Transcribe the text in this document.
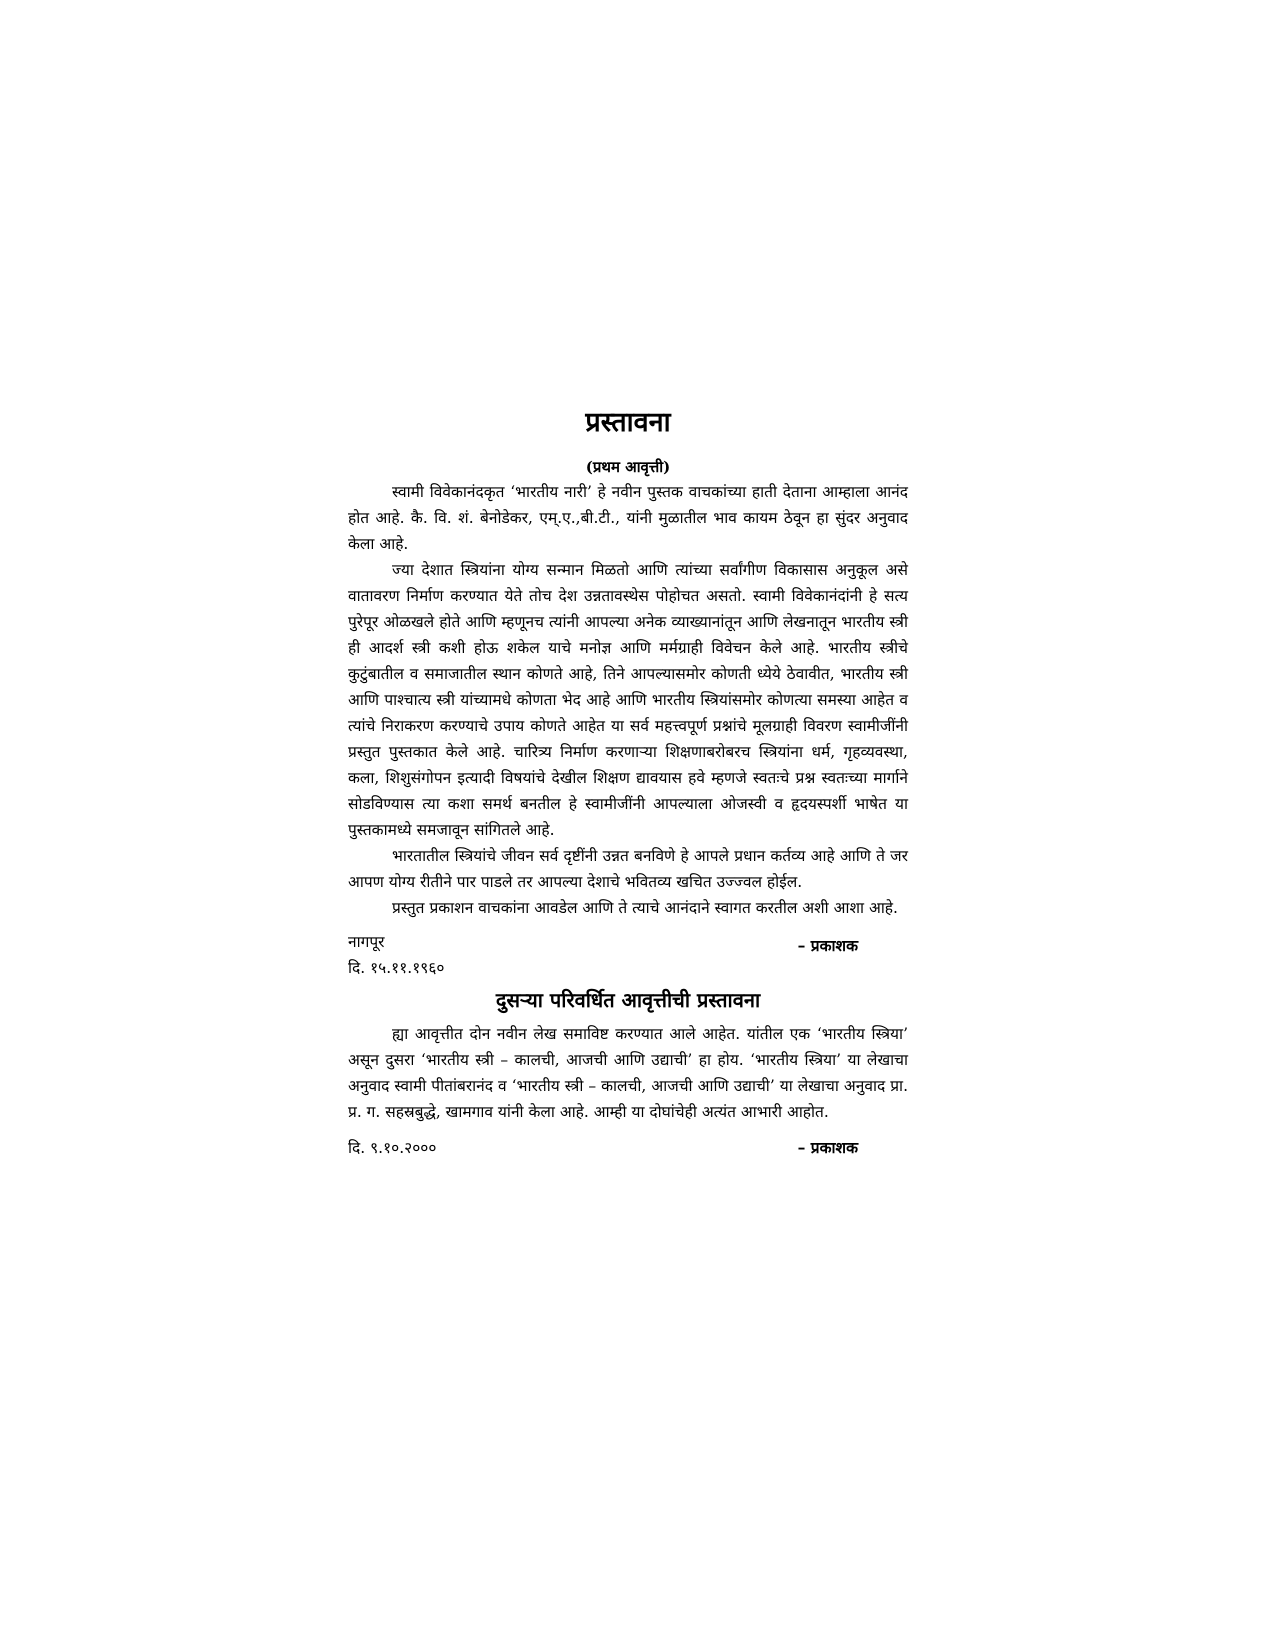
प्रस्तावना
(प्रथम आवृत्ती)

स्वामी विवेकानंदकृत ‘भारतीय नारी’ हे नवीन पुस्तक वाचकांच्या हाती देताना आम्हाला आनंद होत आहे. कै. वि. शं. बेनोडेकर, एम्.ए.,बी.टी., यांनी मुळातील भाव कायम ठेवून हा सुंदर अनुवाद केला आहे.

ज्या देशात स्त्रियांना योग्य सन्मान मिळतो आणि त्यांच्या सर्वांगीण विकासास अनुकूल असे वातावरण निर्माण करण्यात येते तोच देश उन्नतावस्थेस पोहोचत असतो. स्वामी विवेकानंदांनी हे सत्य पुरेपूर ओळखले होते आणि म्हणूनच त्यांनी आपल्या अनेक व्याख्यानांतून आणि लेखनातून भारतीय स्त्री ही आदर्श स्त्री कशी होऊ शकेल याचे मनोज्ञ आणि मर्मग्राही विवेचन केले आहे. भारतीय स्त्रीचे कुटुंबातील व समाजातील स्थान कोणते आहे, तिने आपल्यासमोर कोणती ध्येये ठेवावीत, भारतीय स्त्री आणि पाश्चात्य स्त्री यांच्यामधे कोणता भेद आहे आणि भारतीय स्त्रियांसमोर कोणत्या समस्या आहेत व त्यांचे निराकरण करण्याचे उपाय कोणते आहेत या सर्व महत्त्वपूर्ण प्रश्नांचे मूलग्राही विवरण स्वामीजींनी प्रस्तुत पुस्तकात केले आहे. चारित्र्य निर्माण करणाऱ्या शिक्षणाबरोबरच स्त्रियांना धर्म, गृहव्यवस्था, कला, शिशुसंगोपन इत्यादी विषयांचे देखील शिक्षण द्यावयास हवे म्हणजे स्वतःचे प्रश्न स्वतःच्या मार्गाने सोडविण्यास त्या कशा समर्थ बनतील हे स्वामीजींनी आपल्याला ओजस्वी व हृदयस्पर्शी भाषेत या पुस्तकामध्ये समजावून सांगितले आहे.

भारतातील स्त्रियांचे जीवन सर्व दृष्टींनी उन्नत बनविणे हे आपले प्रधान कर्तव्य आहे आणि ते जर आपण योग्य रीतीने पार पाडले तर आपल्या देशाचे भवितव्य खचित उज्ज्वल होईल.

प्रस्तुत प्रकाशन वाचकांना आवडेल आणि ते त्याचे आनंदाने स्वागत करतील अशी आशा आहे.

नागपूर	– प्रकाशक
दि. १५.११.१९६०
दुसऱ्या परिवर्धित आवृत्तीची प्रस्तावना

ह्या आवृत्तीत दोन नवीन लेख समाविष्ट करण्यात आले आहेत. यांतील एक ‘भारतीय स्त्रिया’ असून दुसरा ‘भारतीय स्त्री – कालची, आजची आणि उद्याची’ हा होय. ‘भारतीय स्त्रिया’ या लेखाचा अनुवाद स्वामी पीतांबरानंद व ‘भारतीय स्त्री – कालची, आजची आणि उद्याची’ या लेखाचा अनुवाद प्रा. प्र. ग. सहस्रबुद्धे, खामगाव यांनी केला आहे. आम्ही या दोघांचेही अत्यंत आभारी आहोत.

दि. ९.१०.२०००	– प्रकाशक
